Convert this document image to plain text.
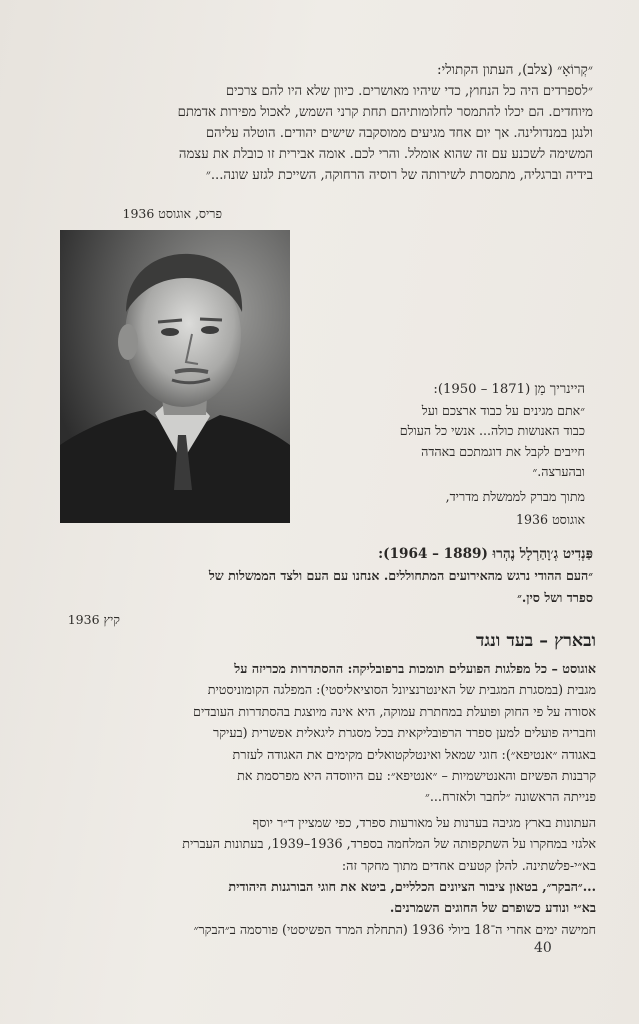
״קְרוֹאָ״ (צלב), העתון הקתולי:
״לספרדים היה כל הנחוץ, כדי שיהיו מאושרים. כיוון שלא היו להם צרכים
מיוחדים. הם יכלו להתמסר לחלומותיהם תחת קרני השמש, לאכול מפירות אדמתם
ולנגן במנדולינה. אך יום אחד מגיעים ממוסקבה שישים יהודים. הוטלה עליהם
המשימה לשכנע עם זה שהוא אומלל. והרי לכם. אומה אבירית זו כובלת את עצמה
בידיה וברגליה, מתמסרת לשירותה של רוסיה הרחוקה, השייכת לגזע שונה...״
פריס, אוגוסט 1936
היינריך מַן (1871 – 1950):
״אתם מגינים על כבוד ארצכם ועל
כבוד האנושות כולה... אנשי כל העולם
חייבים לקבל את דוגמתכם באהדה
ובהערצה.״
מתוך מברק לממשלת מדריד,
אוגוסט 1936
פַּנְדִיט גְ׳וָהַרְלָל נֶהְרוּ (1889 – 1964):
״העם ההודי נרגש מהאירועים המתחוללים. אנחנו עם העם ולצד הממשלות של
ספרד ושל סין.״
קיץ 1936
ובארץ – בעד ונגד
אוגוסט – כל מפלגות הפועלים תומכות ברפובליקה: ההסתדרות מכריזה על
מגבית (במסגרת המגבית של האינטרנציונל הסוציאליסטי): המפלגה הקומוניסטית
אסורה על פי החוק ופועלת במחתרת עמוקה, היא אינה מיוצגת בהסתדרות העובדים
וחבריה פועלים למען ספרד הרפובליקאית בכל מסגרת ליגאלית אפשרית (בעיקר
באגודה ״אנטיפא״): חוגי שמאל ואינטלקטואלים מקימים את האגודה לעזרת
קרבנות הפשיזם והאנטישמיות – ״אנטיפא״: עם היווסדה היא מפרסמת את
פנייתה הראשונה ״לחבר ולאזרח...״
העתונות בארץ מגיבה בערנות על מאורעות ספרד, כפי שמציין ד״ר יוסף
אלגזי במחקרו על השתקפותה של המלחמה בספרד, 1936–1939, בעתונות העברית
בא״י-פלשתינה. להלן קטעים אחדים מתוך מחקר זה:
...״הבקר״, בטאון ציבור הציונים הכלליים, ביטא את חוגי הבורגנות היהודית
בא״י ונודע כשופרם של החוגים השמרנים.
חמישה ימים אחרי ה־18 ביולי 1936 (התחלת המרד הפשיסטי) פורסמה ב״הבקר״
40
